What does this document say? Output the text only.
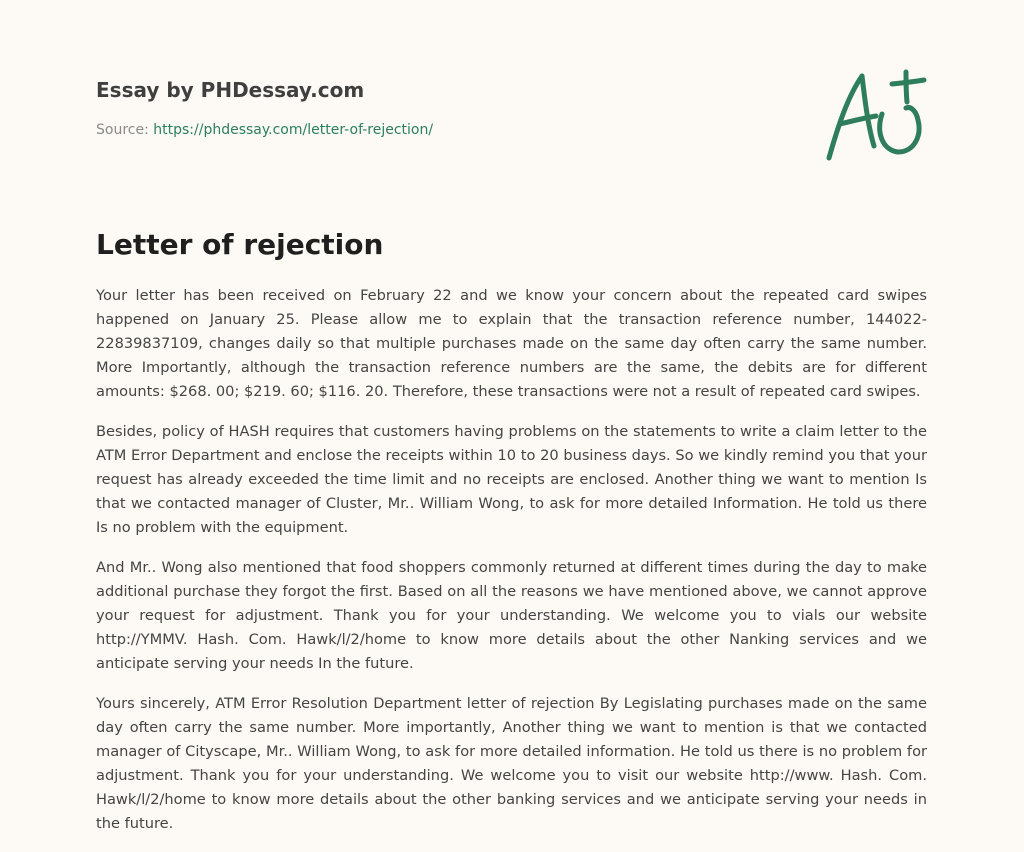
Essay by PHDessay.com
Source: https://phdessay.com/letter-of-rejection/
Letter of rejection

Your letter has been received on February 22 and we know your concern about the repeated card swipes happened on January 25. Please allow me to explain that the transaction reference number, 144022-22839837109, changes daily so that multiple purchases made on the same day often carry the same number. More Importantly, although the transaction reference numbers are the same, the debits are for different amounts: $268. 00; $219. 60; $116. 20. Therefore, these transactions were not a result of repeated card swipes.

Besides, policy of HASH requires that customers having problems on the statements to write a claim letter to the ATM Error Department and enclose the receipts within 10 to 20 business days. So we kindly remind you that your request has already exceeded the time limit and no receipts are enclosed. Another thing we want to mention Is that we contacted manager of Cluster, Mr.. William Wong, to ask for more detailed Information. He told us there Is no problem with the equipment.

And Mr.. Wong also mentioned that food shoppers commonly returned at different times during the day to make additional purchase they forgot the first. Based on all the reasons we have mentioned above, we cannot approve your request for adjustment. Thank you for your understanding. We welcome you to vials our website http://YMMV. Hash. Com. Hawk/l/2/home to know more details about the other Nanking services and we anticipate serving your needs In the future.

Yours sincerely, ATM Error Resolution Department letter of rejection By Legislating purchases made on the same day often carry the same number. More importantly, Another thing we want to mention is that we contacted manager of Cityscape, Mr.. William Wong, to ask for more detailed information. He told us there is no problem for adjustment. Thank you for your understanding. We welcome you to visit our website http://www. Hash. Com. Hawk/l/2/home to know more details about the other banking services and we anticipate serving your needs in the future.
